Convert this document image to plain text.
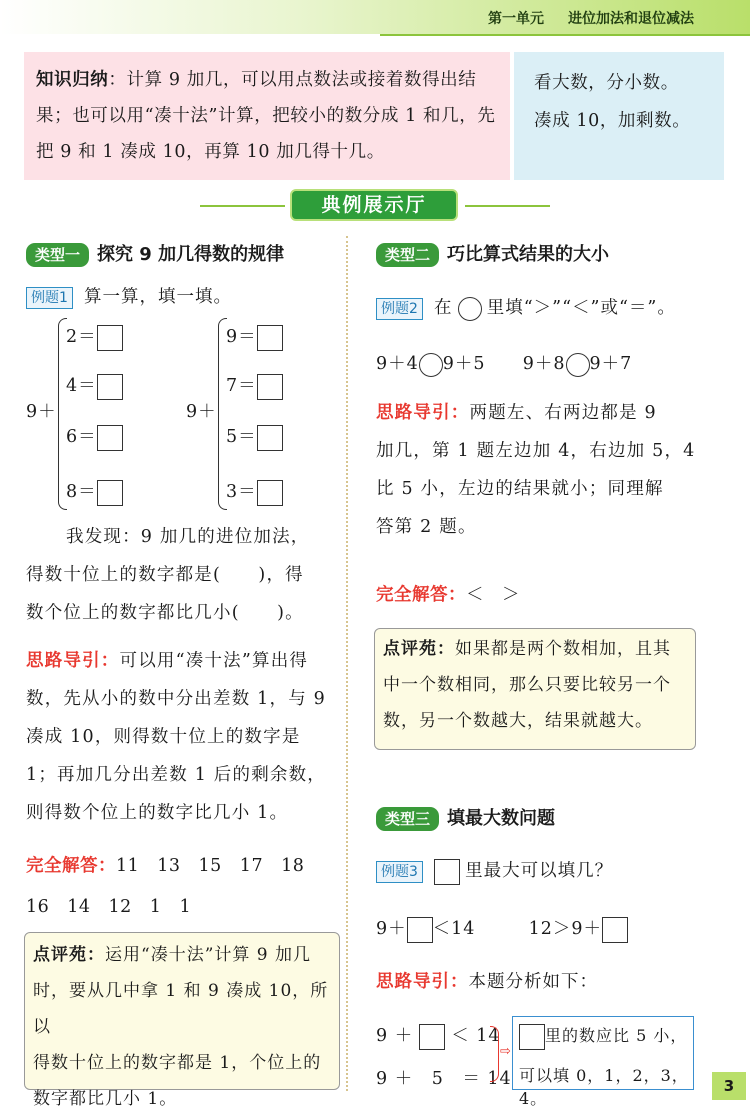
第一单元 进位加法和退位减法

知识归纳：计算 9 加几，可以用点数法或接着数得出结
果；也可以用“凑十法”计算，把较小的数分成 1 和几，先
把 9 和 1 凑成 10，再算 10 加几得十几。

看大数，分小数。
凑成 10，加剩数。

典例展示厅
类型一 探究 9 加几得数的规律
例题1 算一算，填一填。
9＋
2＝
4＝
6＝
8＝
9＋
9＝
7＝
5＝
3＝
我发现：9 加几的进位加法，
得数十位上的数字都是(　　)，得
数个位上的数字都比几小(　　)。
思路导引：可以用“凑十法”算出得
数，先从小的数中分出差数 1，与 9
凑成 10，则得数十位上的数字是
1；再加几分出差数 1 后的剩余数，
则得数个位上的数字比几小 1。
完全解答：11　13　15　17　18
16　14　12　1　1

点评苑：运用“凑十法”计算 9 加几
时，要从几中拿 1 和 9 凑成 10，所以
得数十位上的数字都是 1，个位上的
数字都比几小 1。

类型二 巧比算式结果的大小
例题2 在 里填“＞”“＜”或“＝”。
9＋4 9＋5 9＋8 9＋7
思路导引：两题左、右两边都是 9
加几，第 1 题左边加 4，右边加 5，4
比 5 小，左边的结果就小；同理解
答第 2 题。
完全解答：＜　＞

点评苑：如果都是两个数相加，且其
中一个数相同，那么只要比较另一个
数，另一个数越大，结果就越大。

类型三 填最大数问题
例题3	里最大可以填几？
9＋ ＜14	12＞9＋
思路导引：本题分析如下：
9 ＋ ＜ 14
9 ＋　5　＝ 14
⇨
里的数应比 5 小，
可以填 0，1，2，3，4。
3
